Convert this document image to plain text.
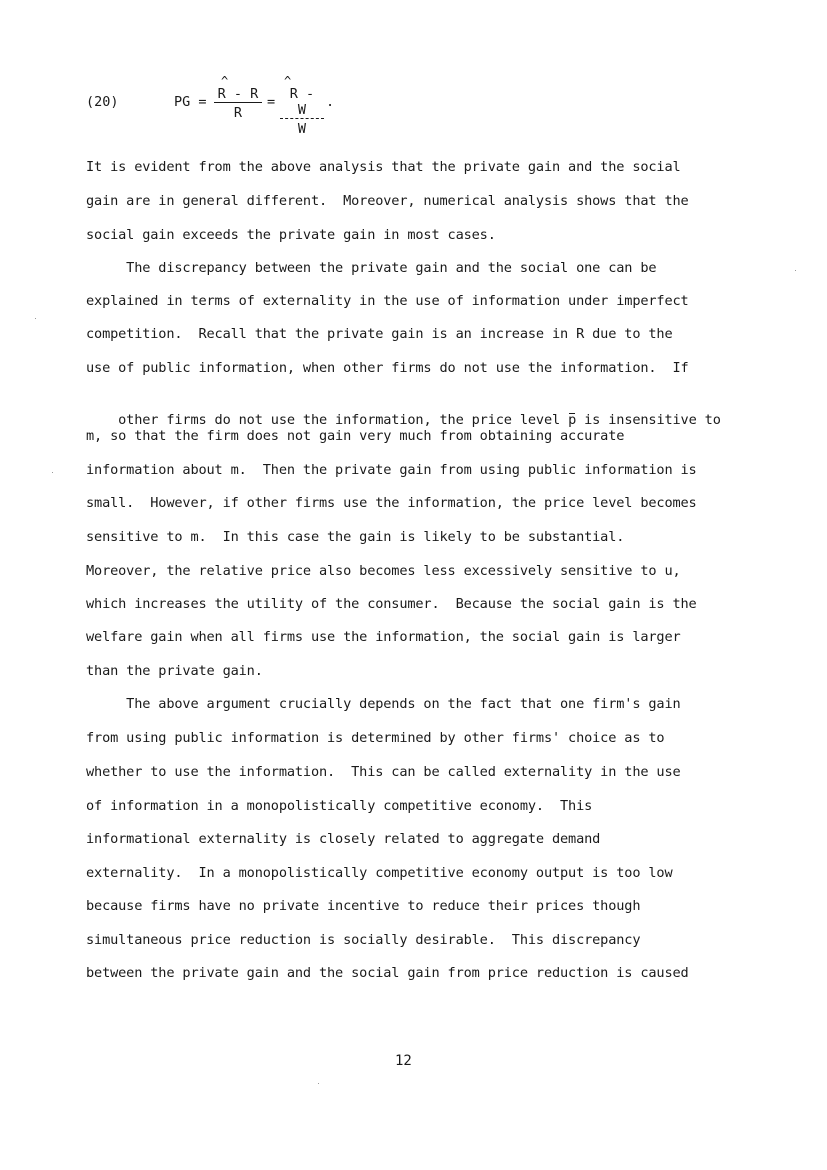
(20)	PG =
^
R - R
R
=
^
R - W
W
.
It is evident from the above analysis that the private gain and the social
gain are in general different.  Moreover, numerical analysis shows that the
social gain exceeds the private gain in most cases.
The discrepancy between the private gain and the social one can be
explained in terms of externality in the use of information under imperfect
competition.  Recall that the private gain is an increase in R due to the
use of public information, when other firms do not use the information.  If

other firms do not use the information, the price level p is insensitive to

m, so that the firm does not gain very much from obtaining accurate
information about m.  Then the private gain from using public information is
small.  However, if other firms use the information, the price level becomes
sensitive to m.  In this case the gain is likely to be substantial.
Moreover, the relative price also becomes less excessively sensitive to u,
which increases the utility of the consumer.  Because the social gain is the
welfare gain when all firms use the information, the social gain is larger
than the private gain.
The above argument crucially depends on the fact that one firm's gain
from using public information is determined by other firms' choice as to
whether to use the information.  This can be called externality in the use
of information in a monopolistically competitive economy.  This
informational externality is closely related to aggregate demand
externality.  In a monopolistically competitive economy output is too low
because firms have no private incentive to reduce their prices though
simultaneous price reduction is socially desirable.  This discrepancy
between the private gain and the social gain from price reduction is caused
12
